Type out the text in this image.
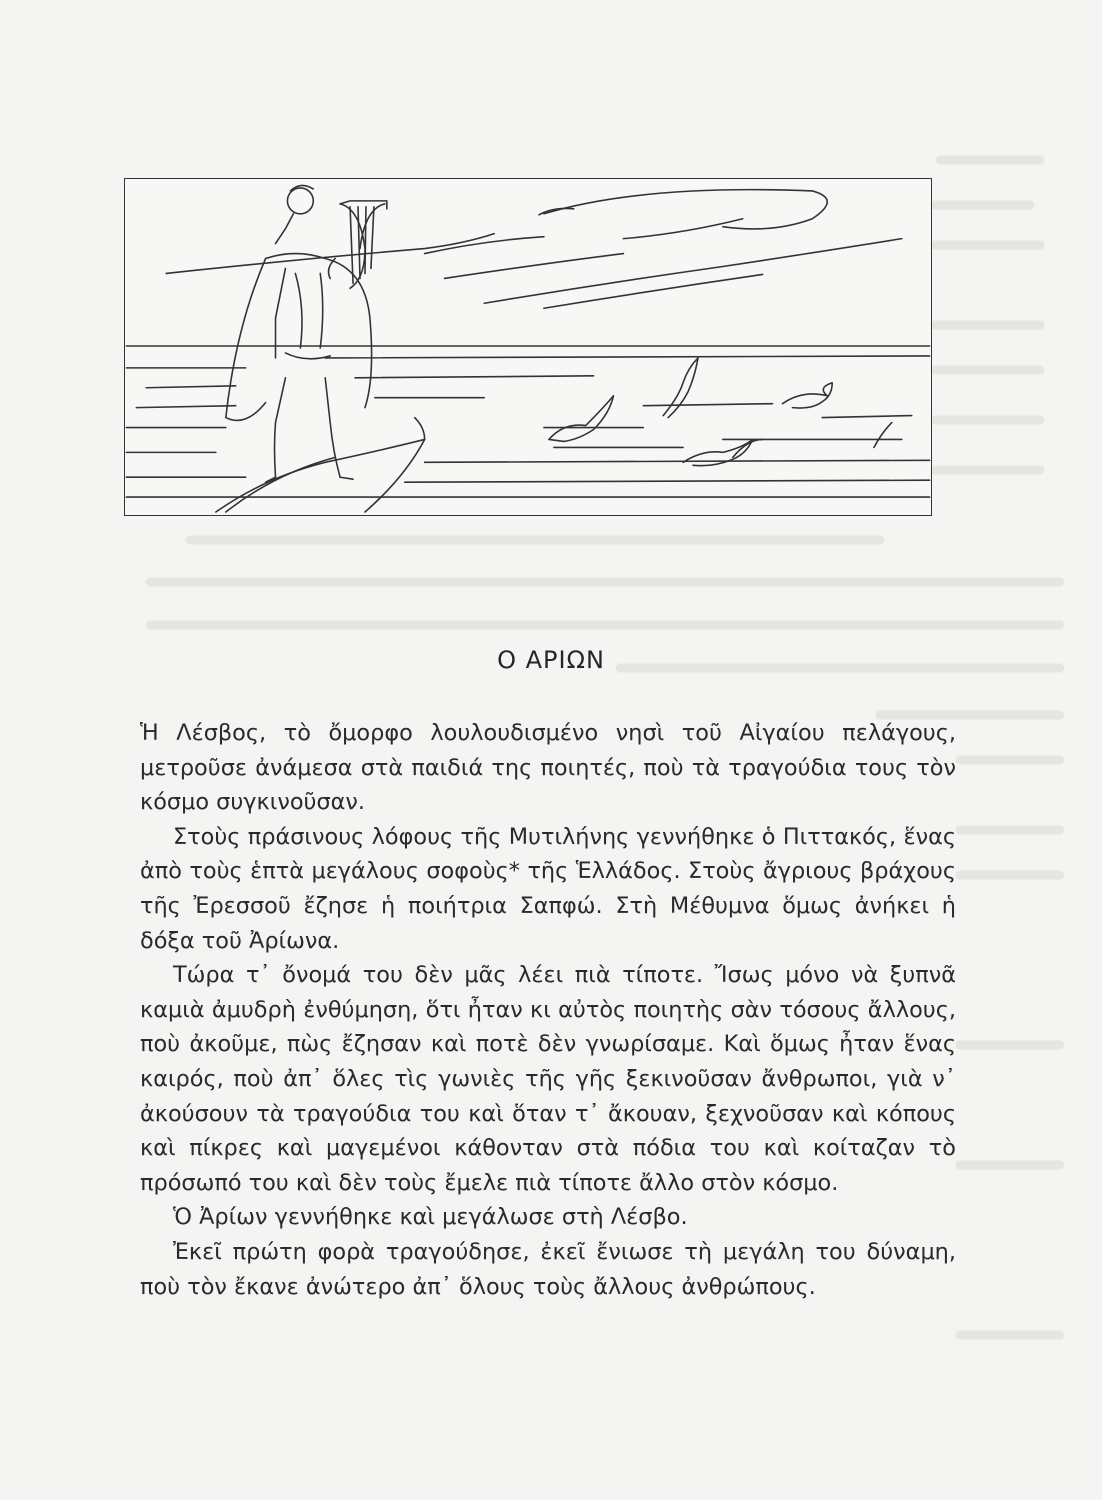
Ο ΑΡΙΩΝ

Ἡ Λέσβος, τὸ ὄμορφο λουλουδισμένο νησὶ τοῦ Αἰγαίου πελάγους, μετροῦσε ἀνάμεσα στὰ παιδιά της ποιητές, ποὺ τὰ τραγούδια τους τὸν κόσμο συγκινοῦσαν.

Στοὺς πράσινους λόφους τῆς Μυτιλήνης γεννήθηκε ὁ Πιττακός, ἕνας ἀπὸ τοὺς ἑπτὰ μεγάλους σοφοὺς* τῆς Ἑλλάδος. Στοὺς ἄγριους βράχους τῆς Ἐρεσσοῦ ἔζησε ἡ ποιήτρια Σαπφώ. Στὴ Μέθυμνα ὅμως ἀνήκει ἡ δόξα τοῦ Ἀρίωνα.

Τώρα τ᾿ ὄνομά του δὲν μᾶς λέει πιὰ τίποτε. Ἴσως μόνο νὰ ξυπνᾶ καμιὰ ἀμυδρὴ ἐνθύμηση, ὅτι ἦταν κι αὐτὸς ποιητὴς σὰν τόσους ἄλλους, ποὺ ἀκοῦμε, πὼς ἔζησαν καὶ ποτὲ δὲν γνωρίσαμε. Καὶ ὅμως ἦταν ἕνας καιρός, ποὺ ἀπ᾿ ὅλες τὶς γωνιὲς τῆς γῆς ξεκινοῦσαν ἄνθρωποι, γιὰ ν᾿ ἀκούσουν τὰ τραγούδια του καὶ ὅταν τ᾿ ἄκουαν, ξεχνοῦσαν καὶ κόπους καὶ πίκρες καὶ μαγεμένοι κάθονταν στὰ πόδια του καὶ κοίταζαν τὸ πρόσωπό του καὶ δὲν τοὺς ἔμελε πιὰ τίποτε ἄλλο στὸν κόσμο.

Ὁ Ἀρίων γεννήθηκε καὶ μεγάλωσε στὴ Λέσβο.

Ἐκεῖ πρώτη φορὰ τραγούδησε, ἐκεῖ ἔνιωσε τὴ μεγάλη του δύναμη, ποὺ τὸν ἔκανε ἀνώτερο ἀπ᾿ ὅλους τοὺς ἄλλους ἀνθρώπους.
